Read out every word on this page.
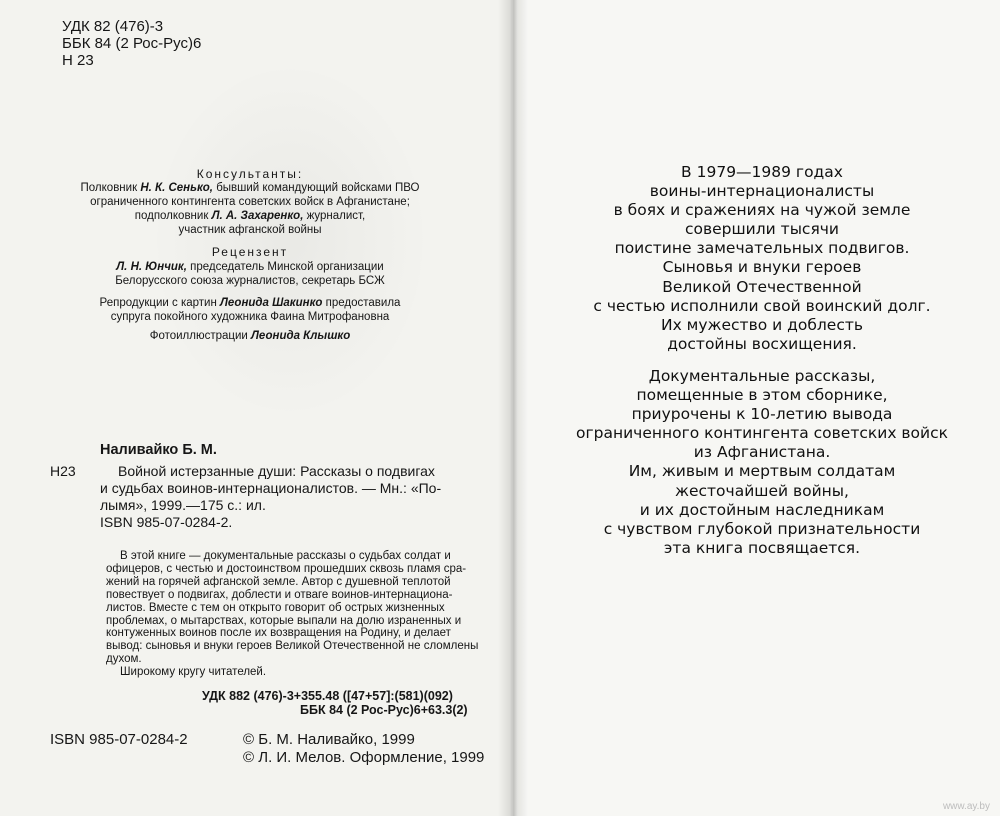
УДК 82 (476)-3
ББК 84 (2 Рос-Рус)6
Н 23
Консультанты:
Полковник Н. К. Сенько, бывший командующий войсками ПВО
ограниченного контингента советских войск в Афганистане;
подполковник Л. А. Захаренко, журналист,
участник афганской войны
Рецензент
Л. Н. Юнчик, председатель Минской организации
Белорусского союза журналистов, секретарь БСЖ
Репродукции с картин Леонида Шакинко предоставила
супруга покойного художника Фаина Митрофановна
Фотоиллюстрации Леонида Клышко
Наливайко Б. М.
Н23	Войной истерзанные души: Рассказы о подвигах
и судьбах воинов-интернационалистов. — Мн.: «По-
лымя», 1999.—175 с.: ил.
ISBN 985-07-0284-2.
В этой книге — документальные рассказы о судьбах солдат и
офицеров, с честью и достоинством прошедших сквозь пламя сра-
жений на горячей афганской земле. Автор с душевной теплотой
повествует о подвигах, доблести и отваге воинов-интернациона-
листов. Вместе с тем он открыто говорит об острых жизненных
проблемах, о мытарствах, которые выпали на долю израненных и
контуженных воинов после их возвращения на Родину, и делает
вывод: сыновья и внуки героев Великой Отечественной не сломлены
духом.
Широкому кругу читателей.
УДК 882 (476)-3+355.48 ([47+57]:(581)(092)
ББК 84 (2 Рос-Рус)6+63.3(2)
ISBN 985-07-0284-2	© Б. М. Наливайко, 1999
© Л. И. Мелов. Оформление, 1999
В 1979—1989 годах
воины-интернационалисты
в боях и сражениях на чужой земле
совершили тысячи
поистине замечательных подвигов.
Сыновья и внуки героев
Великой Отечественной
с честью исполнили свой воинский долг.
Их мужество и доблесть
достойны восхищения.
Документальные рассказы,
помещенные в этом сборнике,
приурочены к 10-летию вывода
ограниченного контингента советских войск
из Афганистана.
Им, живым и мертвым солдатам
жесточайшей войны,
и их достойным наследникам
с чувством глубокой признательности
эта книга посвящается.
www.ay.by
